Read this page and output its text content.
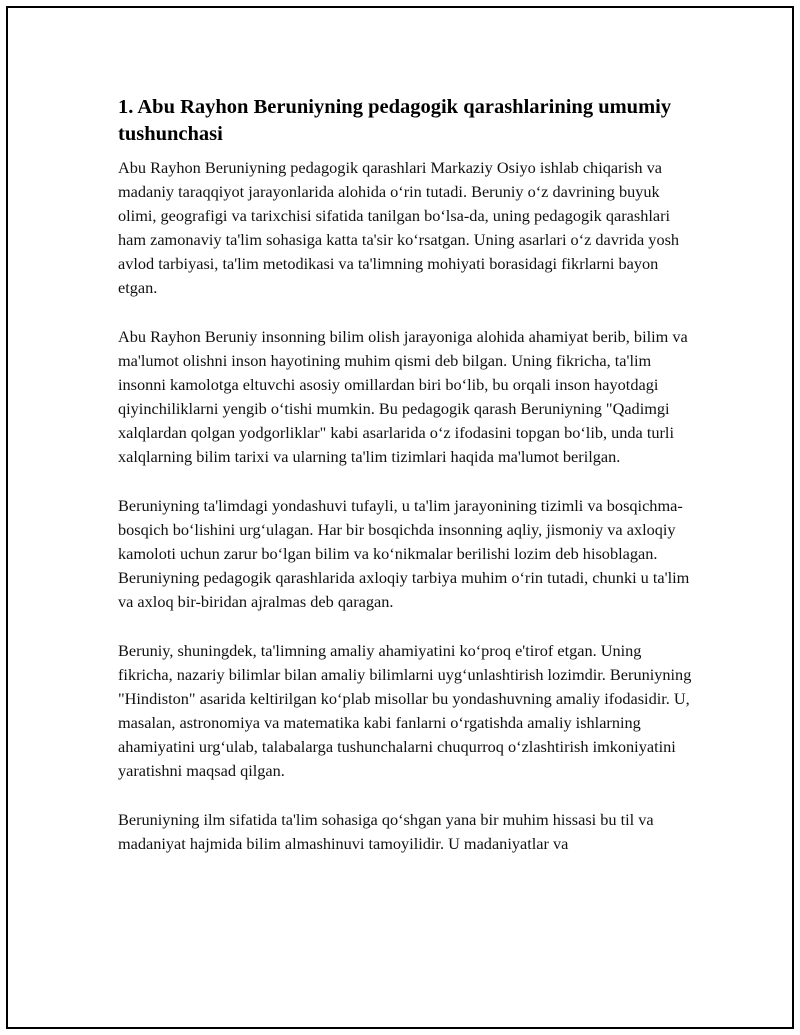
1. Abu Rayhon Beruniyning pedagogik qarashlarining umumiy tushunchasi

Abu Rayhon Beruniyning pedagogik qarashlari Markaziy Osiyo ishlab chiqarish va madaniy taraqqiyot jarayonlarida alohida o‘rin tutadi. Beruniy o‘z davrining buyuk olimi, geografigi va tarixchisi sifatida tanilgan bo‘lsa-da, uning pedagogik qarashlari ham zamonaviy ta'lim sohasiga katta ta'sir ko‘rsatgan. Uning asarlari o‘z davrida yosh avlod tarbiyasi, ta'lim metodikasi va ta'limning mohiyati borasidagi fikrlarni bayon etgan.

Abu Rayhon Beruniy insonning bilim olish jarayoniga alohida ahamiyat berib, bilim va ma'lumot olishni inson hayotining muhim qismi deb bilgan. Uning fikricha, ta'lim insonni kamolotga eltuvchi asosiy omillardan biri bo‘lib, bu orqali inson hayotdagi qiyinchiliklarni yengib o‘tishi mumkin. Bu pedagogik qarash Beruniyning "Qadimgi xalqlardan qolgan yodgorliklar" kabi asarlarida o‘z ifodasini topgan bo‘lib, unda turli xalqlarning bilim tarixi va ularning ta'lim tizimlari haqida ma'lumot berilgan.

Beruniyning ta'limdagi yondashuvi tufayli, u ta'lim jarayonining tizimli va bosqichma-bosqich bo‘lishini urg‘ulagan. Har bir bosqichda insonning aqliy, jismoniy va axloqiy kamoloti uchun zarur bo‘lgan bilim va ko‘nikmalar berilishi lozim deb hisoblagan. Beruniyning pedagogik qarashlarida axloqiy tarbiya muhim o‘rin tutadi, chunki u ta'lim va axloq bir-biridan ajralmas deb qaragan.

Beruniy, shuningdek, ta'limning amaliy ahamiyatini ko‘proq e'tirof etgan. Uning fikricha, nazariy bilimlar bilan amaliy bilimlarni uyg‘unlashtirish lozimdir. Beruniyning "Hindiston" asarida keltirilgan ko‘plab misollar bu yondashuvning amaliy ifodasidir. U, masalan, astronomiya va matematika kabi fanlarni o‘rgatishda amaliy ishlarning ahamiyatini urg‘ulab, talabalarga tushunchalarni chuqurroq o‘zlashtirish imkoniyatini yaratishni maqsad qilgan.

Beruniyning ilm sifatida ta'lim sohasiga qo‘shgan yana bir muhim hissasi bu til va madaniyat hajmida bilim almashinuvi tamoyilidir. U madaniyatlar va
